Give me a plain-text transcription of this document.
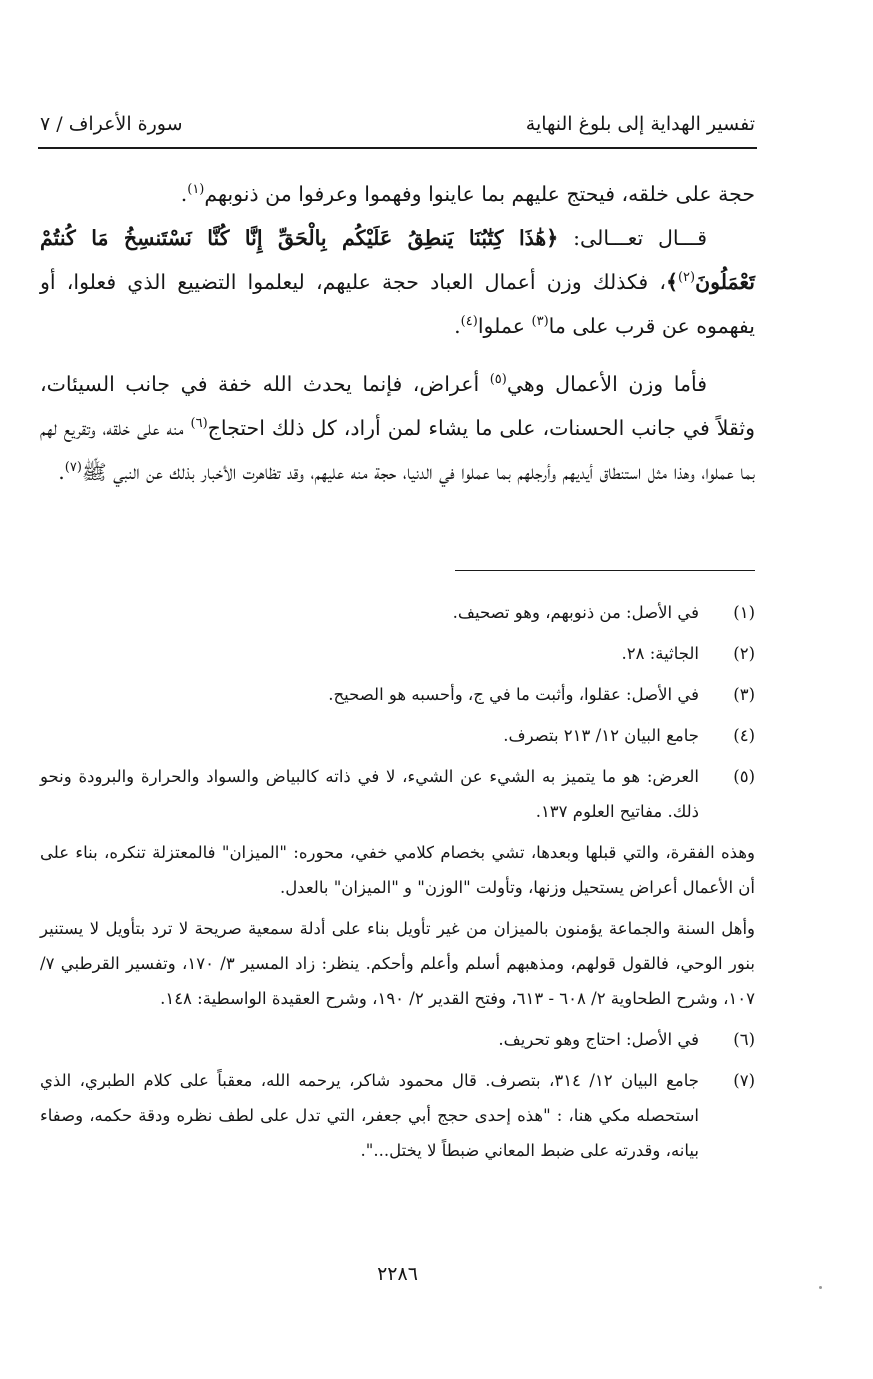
تفسير الهداية إلى بلوغ النهاية
سورة الأعراف / ٧

حجة على خلقه، فيحتج عليهم بما عاينوا وفهموا وعرفوا من ذنوبهم$^{(١)}$.

قـــال تعـــالى: ﴿هَٰذَا كِتَٰبُنَا يَنطِقُ عَلَيْكُم بِالْحَقِّ إِنَّا كُنَّا نَسْتَنسِخُ مَا كُنتُمْ تَعْمَلُونَ$^{(٢)}$﴾، فكذلك وزن أعمال العباد حجة عليهم، ليعلموا التضييع الذي فعلوا، أو يفهموه عن قرب على ما$^{(٣)}$ عملوا$^{(٤)}$.

فأما وزن الأعمال وهي$^{(٥)}$ أعراض، فإنما يحدث الله خفة في جانب السيئات، وثقلاً في جانب الحسنات، على ما يشاء لمن أراد، كل ذلك احتجاج$^{(٦)}$ منه على خلقه، وتقريع لهم بما عملوا، وهذا مثل استنطاق أيديهم وأرجلهم بما عملوا في الدنيا، حجة منه عليهم، وقد تظاهرت الأخبار بذلك عن النبي ﷺ$^{(٧)}$.

(١)
في الأصل: من ذنوبهم، وهو تصحيف.
(٢)
الجاثية: ٢٨.
(٣)
في الأصل: عقلوا، وأثبت ما في ج، وأحسبه هو الصحيح.
(٤)
جامع البيان ١٢/ ٢١٣ بتصرف.
(٥)
العرض: هو ما يتميز به الشيء عن الشيء، لا في ذاته كالبياض والسواد والحرارة والبرودة ونحو ذلك. مفاتيح العلوم ١٣٧.
وهذه الفقرة، والتي قبلها وبعدها، تشي بخصام كلامي خفي، محوره: "الميزان" فالمعتزلة تنكره، بناء على أن الأعمال أعراض يستحيل وزنها، وتأولت "الوزن" و "الميزان" بالعدل.
وأهل السنة والجماعة يؤمنون بالميزان من غير تأويل بناء على أدلة سمعية صريحة لا ترد بتأويل لا يستنير بنور الوحي، فالقول قولهم، ومذهبهم أسلم وأعلم وأحكم. ينظر: زاد المسير ٣/ ١٧٠، وتفسير القرطبي ٧/ ١٠٧، وشرح الطحاوية ٢/ ٦٠٨ - ٦١٣، وفتح القدير ٢/ ١٩٠، وشرح العقيدة الواسطية: ١٤٨.
(٦)
في الأصل: احتاج وهو تحريف.
(٧)
جامع البيان ١٢/ ٣١٤، بتصرف. قال محمود شاكر، يرحمه الله، معقباً على كلام الطبري، الذي استحصله مكي هنا، : "هذه إحدى حجج أبي جعفر، التي تدل على لطف نظره ودقة حكمه، وصفاء بيانه، وقدرته على ضبط المعاني ضبطاً لا يختل...".
٢٢٨٦
